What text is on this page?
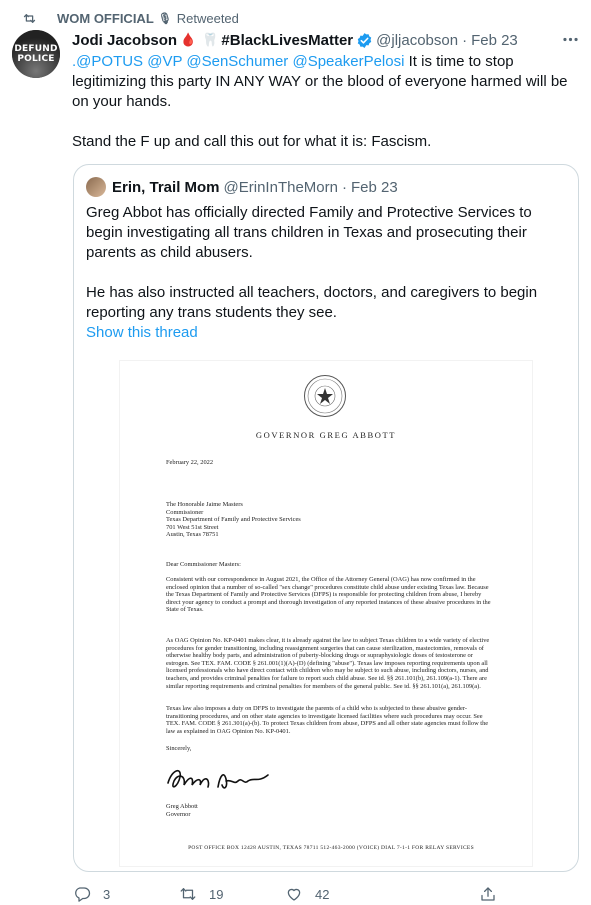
WOM OFFICIAL 🎙 Retweeted
DEFUND
POLICE
Jodi Jacobson 🩸 🦷 #BlackLivesMatter @jljacobson · Feb 23

.@POTUS @VP @SenSchumer @SpeakerPelosi It is time to stop legitimizing this party IN ANY WAY or the blood of everyone harmed will be on your hands.

Stand the F up and call this out for what it is: Fascism.

Erin, Trail Mom @ErinInTheMorn · Feb 23

Greg Abbot has officially directed Family and Protective Services to begin investigating all trans children in Texas and prosecuting their parents as child abusers.

He has also instructed all teachers, doctors, and caregivers to begin reporting any trans students they see.

Show this thread
GOVERNOR GREG ABBOTT
February 22, 2022
The Honorable Jaime Masters
Commissioner
Texas Department of Family and Protective Services
701 West 51st Street
Austin, Texas 78751
Dear Commissioner Masters:
Consistent with our correspondence in August 2021, the Office of the Attorney General (OAG) has now confirmed in the enclosed opinion that a number of so-called "sex change" procedures constitute child abuse under existing Texas law. Because the Texas Department of Family and Protective Services (DFPS) is responsible for protecting children from abuse, I hereby direct your agency to conduct a prompt and thorough investigation of any reported instances of these abusive procedures in the State of Texas.
As OAG Opinion No. KP-0401 makes clear, it is already against the law to subject Texas children to a wide variety of elective procedures for gender transitioning, including reassignment surgeries that can cause sterilization, mastectomies, removals of otherwise healthy body parts, and administration of puberty-blocking drugs or supraphysiologic doses of testosterone or estrogen. See TEX. FAM. CODE § 261.001(1)(A)-(D) (defining "abuse"). Texas law imposes reporting requirements upon all licensed professionals who have direct contact with children who may be subject to such abuse, including doctors, nurses, and teachers, and provides criminal penalties for failure to report such child abuse. See id. §§ 261.101(b), 261.109(a-1). There are similar reporting requirements and criminal penalties for members of the general public. See id. §§ 261.101(a), 261.109(a).
Texas law also imposes a duty on DFPS to investigate the parents of a child who is subjected to these abusive gender-transitioning procedures, and on other state agencies to investigate licensed facilities where such procedures may occur. See TEX. FAM. CODE § 261.301(a)-(b). To protect Texas children from abuse, DFPS and all other state agencies must follow the law as explained in OAG Opinion No. KP-0401.
Sincerely,
Greg Abbott
Governor
POST OFFICE BOX 12428 AUSTIN, TEXAS 78711 512-463-2000 (VOICE) DIAL 7-1-1 FOR RELAY SERVICES
3	19	42
